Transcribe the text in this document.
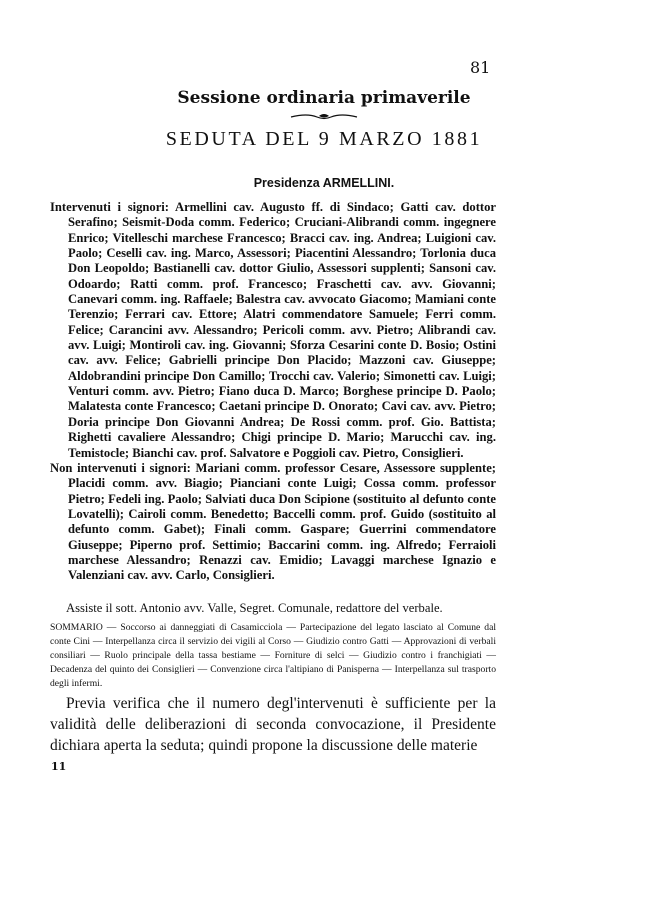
81
Sessione ordinaria primaverile
SEDUTA DEL 9 MARZO 1881
Presidenza ARMELLINI.

Intervenuti i signori: Armellini cav. Augusto ff. di Sindaco; Gatti cav. dottor Serafino; Seismit-Doda comm. Federico; Cruciani-Alibrandi comm. ingegnere Enrico; Vitelleschi marchese Francesco; Bracci cav. ing. Andrea; Luigioni cav. Paolo; Ceselli cav. ing. Marco, Assessori; Piacentini Alessandro; Torlonia duca Don Leopoldo; Bastianelli cav. dottor Giulio, Assessori supplenti; Sansoni cav. Odoardo; Ratti comm. prof. Francesco; Fraschetti cav. avv. Giovanni; Canevari comm. ing. Raffaele; Balestra cav. avvocato Giacomo; Mamiani conte Terenzio; Ferrari cav. Ettore; Alatri commendatore Samuele; Ferri comm. Felice; Carancini avv. Alessandro; Pericoli comm. avv. Pietro; Alibrandi cav. avv. Luigi; Montiroli cav. ing. Giovanni; Sforza Cesarini conte D. Bosio; Ostini cav. avv. Felice; Gabrielli principe Don Placido; Mazzoni cav. Giuseppe; Aldobrandini principe Don Camillo; Trocchi cav. Valerio; Simonetti cav. Luigi; Venturi comm. avv. Pietro; Fiano duca D. Marco; Borghese principe D. Paolo; Malatesta conte Francesco; Caetani principe D. Onorato; Cavi cav. avv. Pietro; Doria principe Don Giovanni Andrea; De Rossi comm. prof. Gio. Battista; Righetti cavaliere Alessandro; Chigi principe D. Mario; Marucchi cav. ing. Temistocle; Bianchi cav. prof. Salvatore e Poggioli cav. Pietro, Consiglieri.

Non intervenuti i signori: Mariani comm. professor Cesare, Assessore supplente; Placidi comm. avv. Biagio; Pianciani conte Luigi; Cossa comm. professor Pietro; Fedeli ing. Paolo; Salviati duca Don Scipione (sostituito al defunto conte Lovatelli); Cairoli comm. Benedetto; Baccelli comm. prof. Guido (sostituito al defunto comm. Gabet); Finali comm. Gaspare; Guerrini commendatore Giuseppe; Piperno prof. Settimio; Baccarini comm. ing. Alfredo; Ferraioli marchese Alessandro; Renazzi cav. Emidio; Lavaggi marchese Ignazio e Valenziani cav. avv. Carlo, Consiglieri.

Assiste il sott. Antonio avv. Valle, Segret. Comunale, redattore del verbale.
SOMMARIO — Soccorso ai danneggiati di Casamicciola — Partecipazione del legato lasciato al Comune dal conte Cini — Interpellanza circa il servizio dei vigili al Corso — Giudizio contro Gatti — Approvazioni di verbali consiliari — Ruolo principale della tassa bestiame — Forniture di selci — Giudizio contro i franchigiati — Decadenza del quinto dei Consiglieri — Convenzione circa l'altipiano di Panisperna — Interpellanza sul trasporto degli infermi.
Previa verifica che il numero degl'intervenuti è sufficiente per la validità delle deliberazioni di seconda convocazione, il Presidente dichiara aperta la seduta; quindi propone la discussione delle materie
11
